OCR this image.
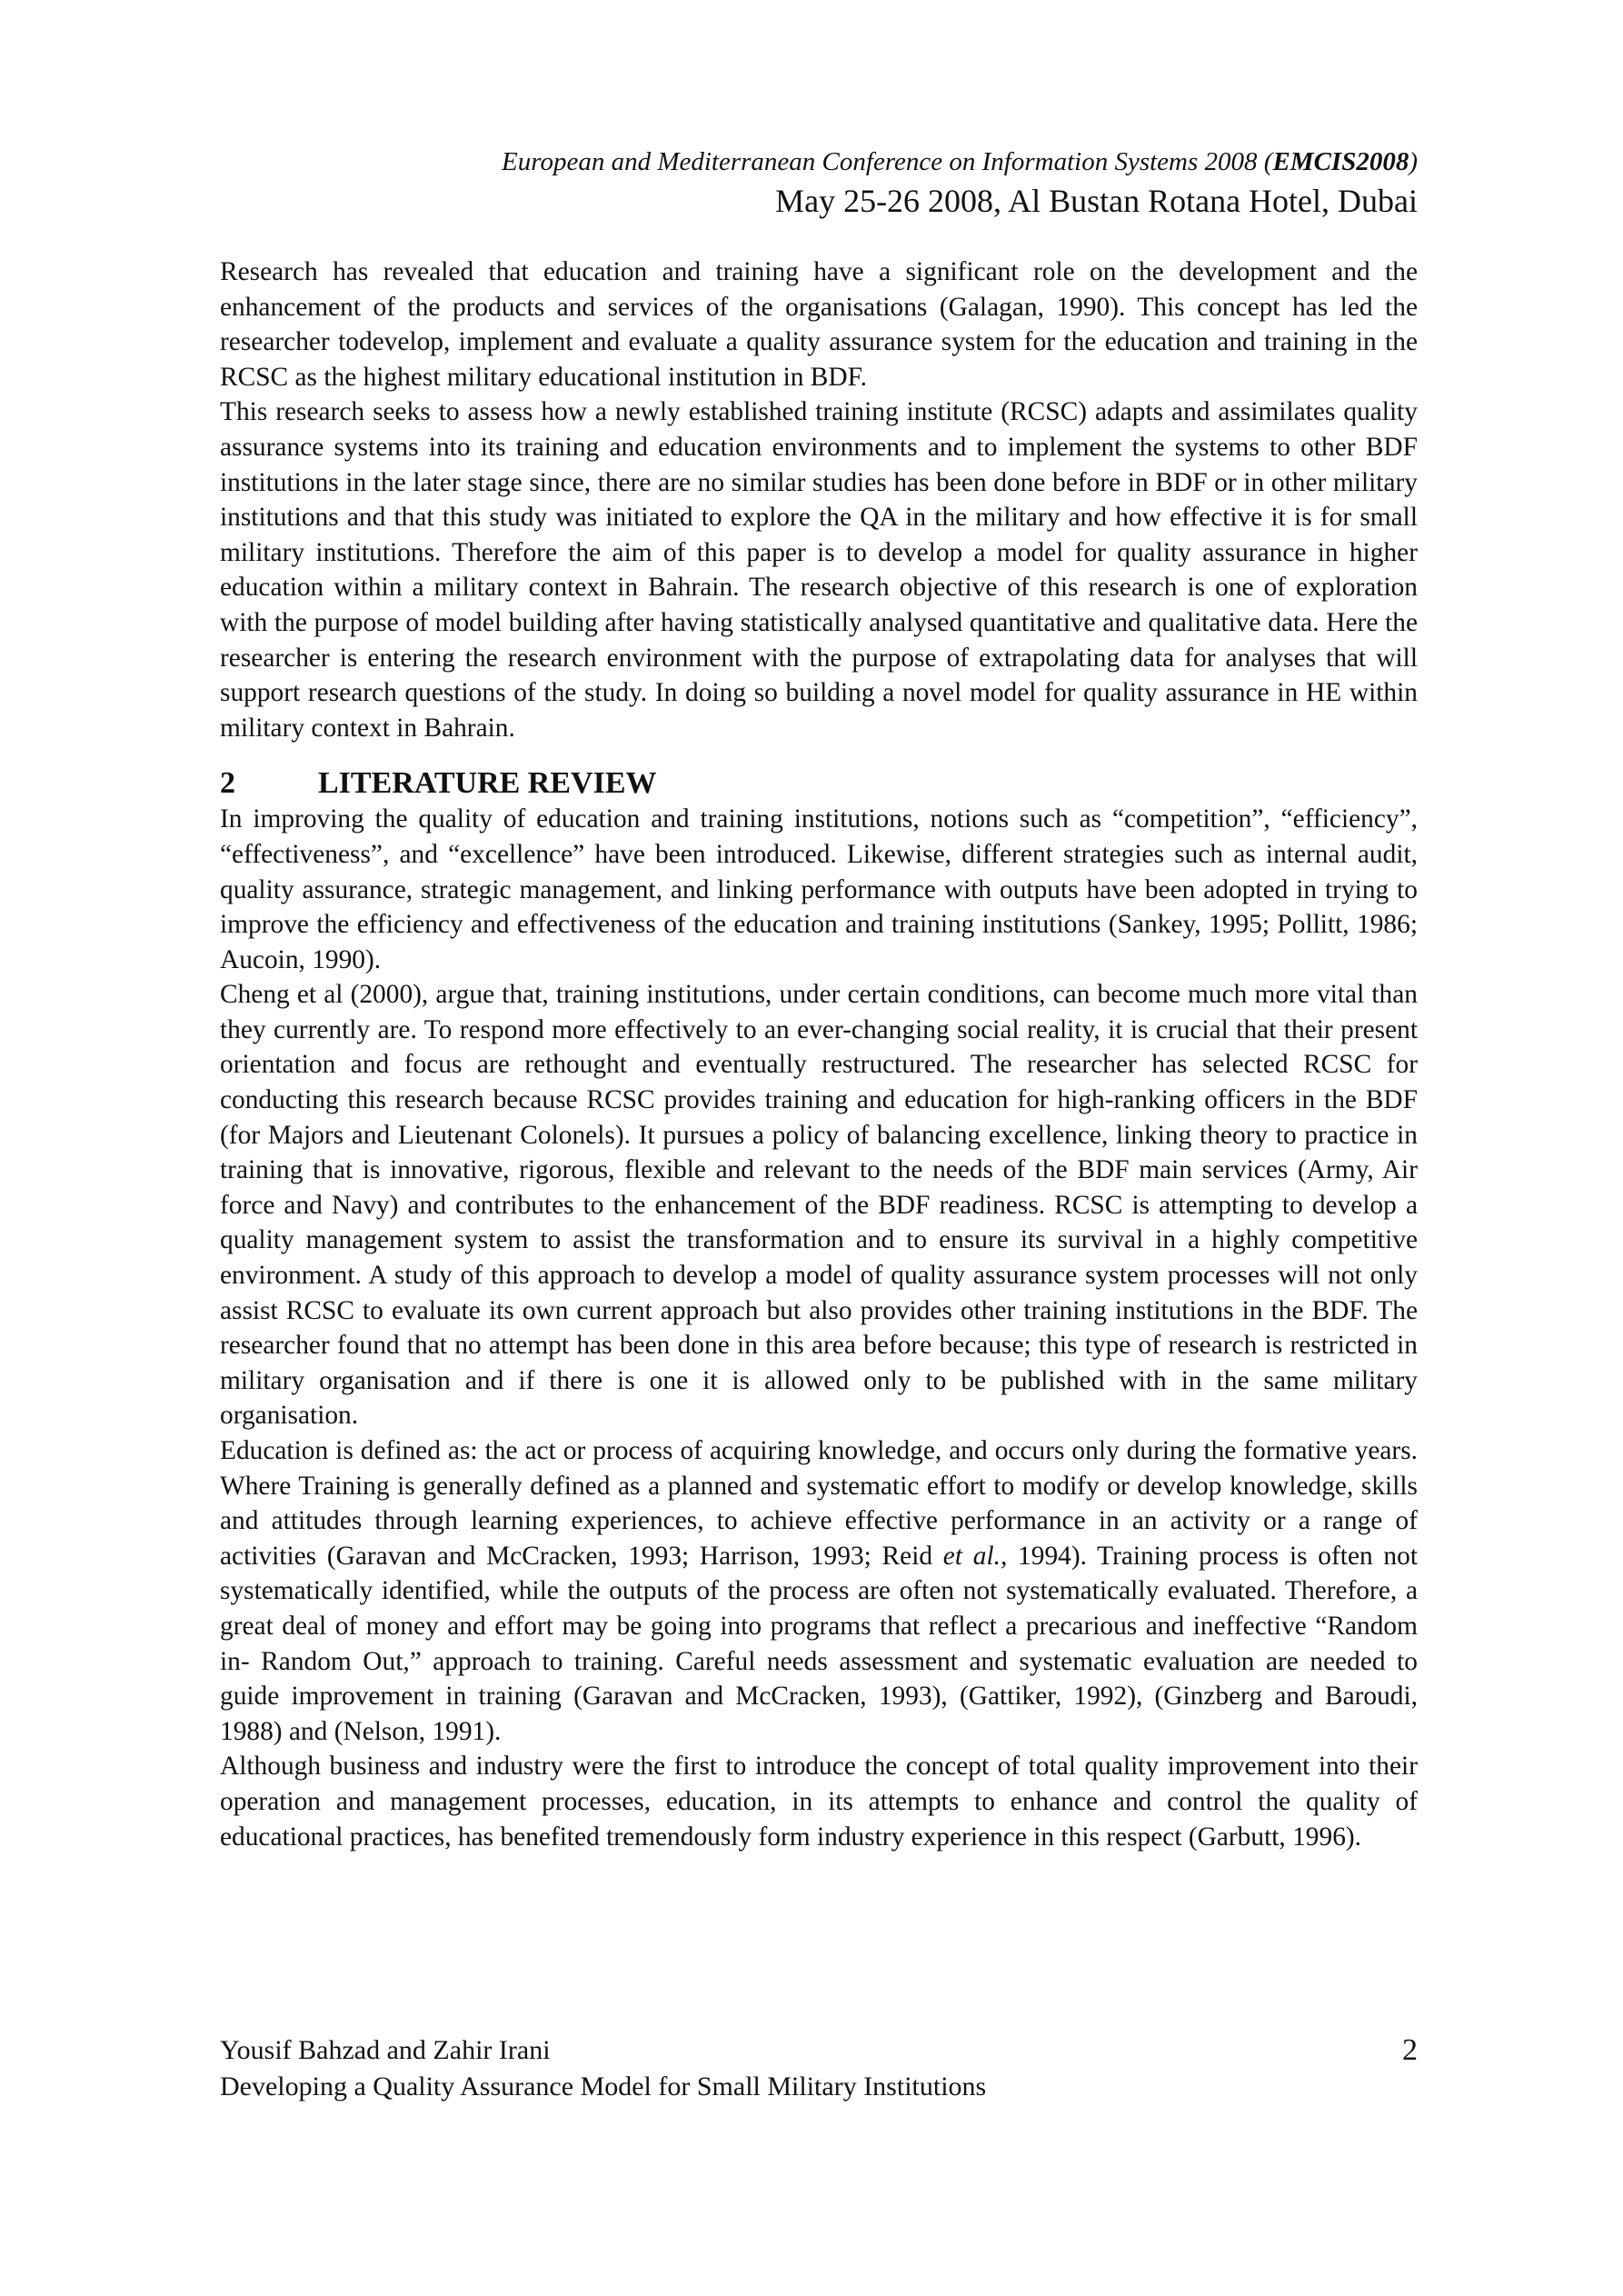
European and Mediterranean Conference on Information Systems 2008 (EMCIS2008)
May 25-26 2008, Al Bustan Rotana Hotel, Dubai

Research has revealed that education and training have a significant role on the development and the enhancement of the products and services of the organisations (Galagan, 1990). This concept has led the researcher todevelop, implement and evaluate a quality assurance system for the education and training in the RCSC as the highest military educational institution in BDF.

This research seeks to assess how a newly established training institute (RCSC) adapts and assimilates quality assurance systems into its training and education environments and to implement the systems to other BDF institutions in the later stage since, there are no similar studies has been done before in BDF or in other military institutions and that this study was initiated to explore the QA in the military and how effective it is for small military institutions. Therefore the aim of this paper is to develop a model for quality assurance in higher education within a military context in Bahrain. The research objective of this research is one of exploration with the purpose of model building after having statistically analysed quantitative and qualitative data. Here the researcher is entering the research environment with the purpose of extrapolating data for analyses that will support research questions of the study. In doing so building a novel model for quality assurance in HE within military context in Bahrain.

2	LITERATURE REVIEW

In improving the quality of education and training institutions, notions such as “competition”, “efficiency”, “effectiveness”, and “excellence” have been introduced. Likewise, different strategies such as internal audit, quality assurance, strategic management, and linking performance with outputs have been adopted in trying to improve the efficiency and effectiveness of the education and training institutions (Sankey, 1995; Pollitt, 1986; Aucoin, 1990).

Cheng et al (2000), argue that, training institutions, under certain conditions, can become much more vital than they currently are. To respond more effectively to an ever-changing social reality, it is crucial that their present orientation and focus are rethought and eventually restructured. The researcher has selected RCSC for conducting this research because RCSC provides training and education for high-ranking officers in the BDF (for Majors and Lieutenant Colonels). It pursues a policy of balancing excellence, linking theory to practice in training that is innovative, rigorous, flexible and relevant to the needs of the BDF main services (Army, Air force and Navy) and contributes to the enhancement of the BDF readiness. RCSC is attempting to develop a quality management system to assist the transformation and to ensure its survival in a highly competitive environment. A study of this approach to develop a model of quality assurance system processes will not only assist RCSC to evaluate its own current approach but also provides other training institutions in the BDF. The researcher found that no attempt has been done in this area before because; this type of research is restricted in military organisation and if there is one it is allowed only to be published with in the same military organisation.

Education is defined as: the act or process of acquiring knowledge, and occurs only during the formative years. Where Training is generally defined as a planned and systematic effort to modify or develop knowledge, skills and attitudes through learning experiences, to achieve effective performance in an activity or a range of activities (Garavan and McCracken, 1993; Harrison, 1993; Reid et al., 1994). Training process is often not systematically identified, while the outputs of the process are often not systematically evaluated. Therefore, a great deal of money and effort may be going into programs that reflect a precarious and ineffective “Random in- Random Out,” approach to training. Careful needs assessment and systematic evaluation are needed to guide improvement in training (Garavan and McCracken, 1993), (Gattiker, 1992), (Ginzberg and Baroudi, 1988) and (Nelson, 1991).

Although business and industry were the first to introduce the concept of total quality improvement into their operation and management processes, education, in its attempts to enhance and control the quality of educational practices, has benefited tremendously form industry experience in this respect (Garbutt, 1996).

Yousif Bahzad and Zahir Irani
Developing a Quality Assurance Model for Small Military Institutions
2
